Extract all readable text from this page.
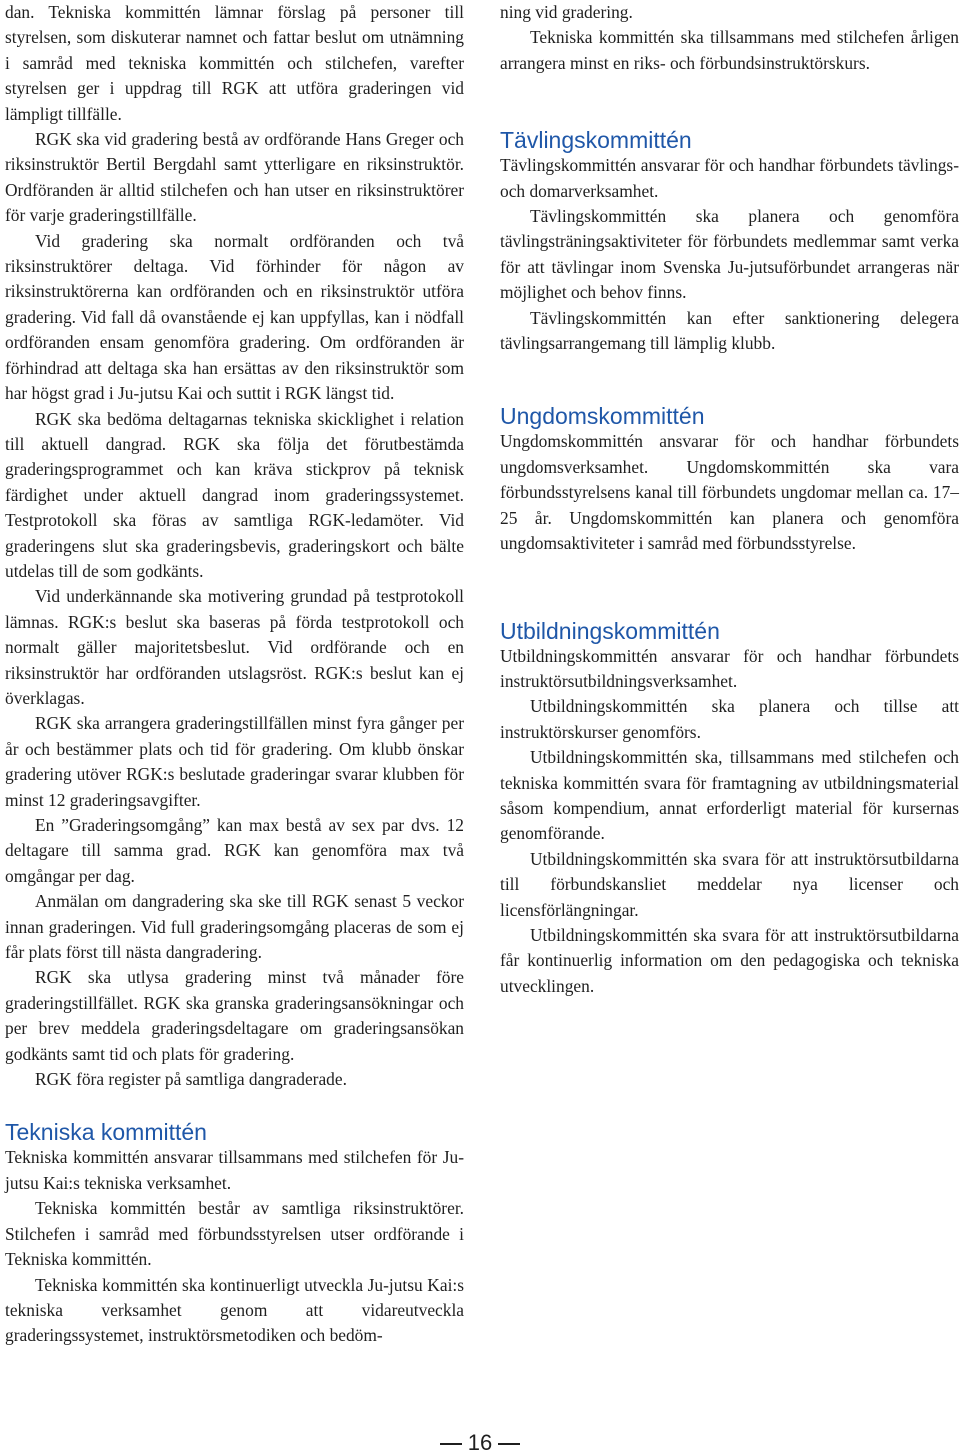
dan. Tekniska kommittén lämnar förslag på personer till styrelsen, som diskuterar namnet och fattar beslut om utnämning i samråd med tekniska kommittén och stilchefen, varefter styrelsen ger i uppdrag till RGK att utföra graderingen vid lämpligt tillfälle.

RGK ska vid gradering bestå av ordförande Hans Greger och riksinstruktör Bertil Bergdahl samt ytterligare en riksinstruktör. Ordföranden är alltid stilchefen och han utser en riksinstruktörer för varje graderingstillfälle.

Vid gradering ska normalt ordföranden och två riksinstruktörer deltaga. Vid förhinder för någon av riksinstruktörerna kan ordföranden och en riksinstruktör utföra gradering. Vid fall då ovanstående ej kan uppfyllas, kan i nödfall ordföranden ensam genomföra gradering. Om ordföranden är förhindrad att deltaga ska han ersättas av den riksinstruktör som har högst grad i Ju-jutsu Kai och suttit i RGK längst tid.

RGK ska bedöma deltagarnas tekniska skicklighet i relation till aktuell dangrad. RGK ska följa det förutbestämda graderingsprogrammet och kan kräva stickprov på teknisk färdighet under aktuell dangrad inom graderingssystemet. Testprotokoll ska föras av samtliga RGK-ledamöter. Vid graderingens slut ska graderingsbevis, graderingskort och bälte utdelas till de som godkänts.

Vid underkännande ska motivering grundad på testprotokoll lämnas. RGK:s beslut ska baseras på förda testprotokoll och normalt gäller majoritetsbeslut. Vid ordförande och en riksinstruktör har ordföranden utslagsröst. RGK:s beslut kan ej överklagas.

RGK ska arrangera graderingstillfällen minst fyra gånger per år och bestämmer plats och tid för gradering. Om klubb önskar gradering utöver RGK:s beslutade graderingar svarar klubben för minst 12 graderingsavgifter.

En ”Graderingsomgång” kan max bestå av sex par dvs. 12 deltagare till samma grad. RGK kan genomföra max två omgångar per dag.

Anmälan om dangradering ska ske till RGK senast 5 veckor innan graderingen. Vid full graderingsomgång placeras de som ej får plats först till nästa dangradering.

RGK ska utlysa gradering minst två månader före graderingstillfället. RGK ska granska graderingsansökningar och per brev meddela graderingsdeltagare om graderingsansökan godkänts samt tid och plats för gradering.

RGK föra register på samtliga dangraderade.

Tekniska kommittén

Tekniska kommittén ansvarar tillsammans med stilchefen för Ju-jutsu Kai:s tekniska verksamhet.

Tekniska kommittén består av samtliga riksinstruktörer. Stilchefen i samråd med förbundsstyrelsen utser ordförande i Tekniska kommittén.

Tekniska kommittén ska kontinuerligt utveckla Ju-jutsu Kai:s tekniska verksamhet genom att vidareutveckla graderingssystemet, instruktörsmetodiken och bedöm-

ning vid gradering.

Tekniska kommittén ska tillsammans med stilchefen årligen arrangera minst en riks- och förbundsinstruktörskurs.

Tävlingskommittén

Tävlingskommittén ansvarar för och handhar förbundets tävlings- och domarverksamhet.

Tävlingskommittén ska planera och genomföra tävlingsträningsaktiviteter för förbundets medlemmar samt verka för att tävlingar inom Svenska Ju-jutsuförbundet arrangeras när möjlighet och behov finns.

Tävlingskommittén kan efter sanktionering delegera tävlingsarrangemang till lämplig klubb.

Ungdomskommittén

Ungdomskommittén ansvarar för och handhar förbundets ungdomsverksamhet. Ungdomskommittén ska vara förbundsstyrelsens kanal till förbundets ungdomar mellan ca. 17–25 år. Ungdomskommittén kan planera och genomföra ungdomsaktiviteter i samråd med förbundsstyrelse.

Utbildningskommittén

Utbildningskommittén ansvarar för och handhar förbundets instruktörsutbildningsverksamhet.

Utbildningskommittén ska planera och tillse att instruktörskurser genomförs.

Utbildningskommittén ska, tillsammans med stilchefen och tekniska kommittén svara för framtagning av utbildningsmaterial såsom kompendium, annat erforderligt material för kursernas genomförande.

Utbildningskommittén ska svara för att instruktörsutbildarna till förbundskansliet meddelar nya licenser och licensförlängningar.

Utbildningskommittén ska svara för att instruktörsutbildarna får kontinuerlig information om den pedagogiska och tekniska utvecklingen.

16
